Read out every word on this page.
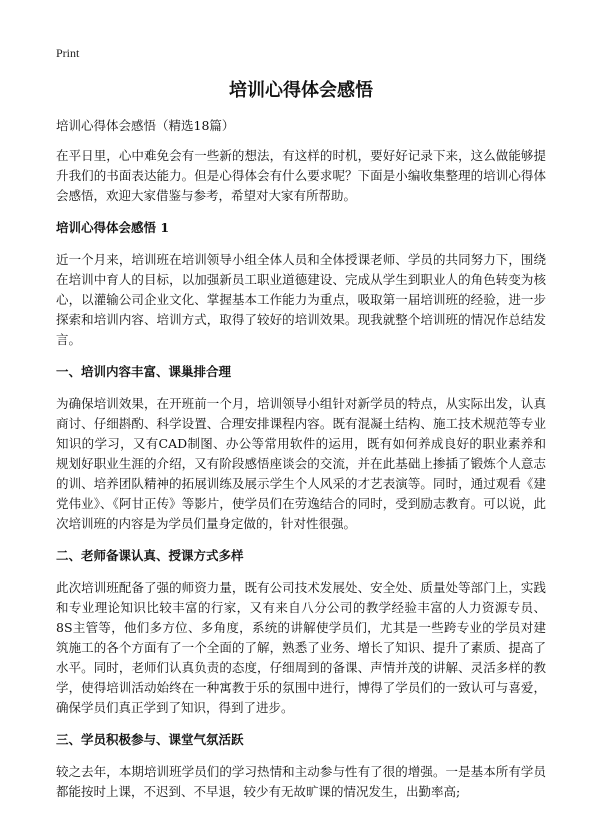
Print
培训心得体会感悟

培训心得体会感悟（精选18篇）

在平日里，心中难免会有一些新的想法，有这样的时机，要好好记录下来，这么做能够提升我们的书面表达能力。但是心得体会有什么要求呢？下面是小编收集整理的培训心得体会感悟，欢迎大家借鉴与参考，希望对大家有所帮助。

培训心得体会感悟 1

近一个月来，培训班在培训领导小组全体人员和全体授课老师、学员的共同努力下，围绕在培训中育人的目标，以加强新员工职业道德建设、完成从学生到职业人的角色转变为核心，以灌输公司企业文化、掌握基本工作能力为重点，吸取第一届培训班的经验，进一步探索和培训内容、培训方式，取得了较好的培训效果。现我就整个培训班的情况作总结发言。

一、培训内容丰富、课巢排合理

为确保培训效果，在开班前一个月，培训领导小组针对新学员的特点，从实际出发，认真商讨、仔细斟酌、科学设置、合理安排课程内容。既有混凝土结构、施工技术规范等专业知识的学习，又有CAD制图、办公等常用软件的运用，既有如何养成良好的职业素养和规划好职业生涯的介绍，又有阶段感悟座谈会的交流，并在此基础上掺插了锻炼个人意志的训、培养团队精神的拓展训练及展示学生个人风采的才艺表演等。同时，通过观看《建党伟业》、《阿甘正传》等影片，使学员们在劳逸结合的同时，受到励志教育。可以说，此次培训班的内容是为学员们量身定做的，针对性很强。

二、老师备课认真、授课方式多样

此次培训班配备了强的师资力量，既有公司技术发展处、安全处、质量处等部门上，实践和专业理论知识比较丰富的行家，又有来自八分公司的教学经验丰富的人力资源专员、8S主管等，他们多方位、多角度，系统的讲解使学员们，尤其是一些跨专业的学员对建筑施工的各个方面有了一个全面的了解，熟悉了业务、增长了知识、提升了素质、提高了水平。同时，老师们认真负责的态度，仔细周到的备课、声情并茂的讲解、灵活多样的教学，使得培训活动始终在一种寓教于乐的氛围中进行，博得了学员们的一致认可与喜爱，确保学员们真正学到了知识，得到了进步。

三、学员积极参与、课堂气氛活跃

较之去年，本期培训班学员们的学习热情和主动参与性有了很的增强。一是基本所有学员都能按时上课，不迟到、不早退，较少有无故旷课的情况发生，出勤率高;
